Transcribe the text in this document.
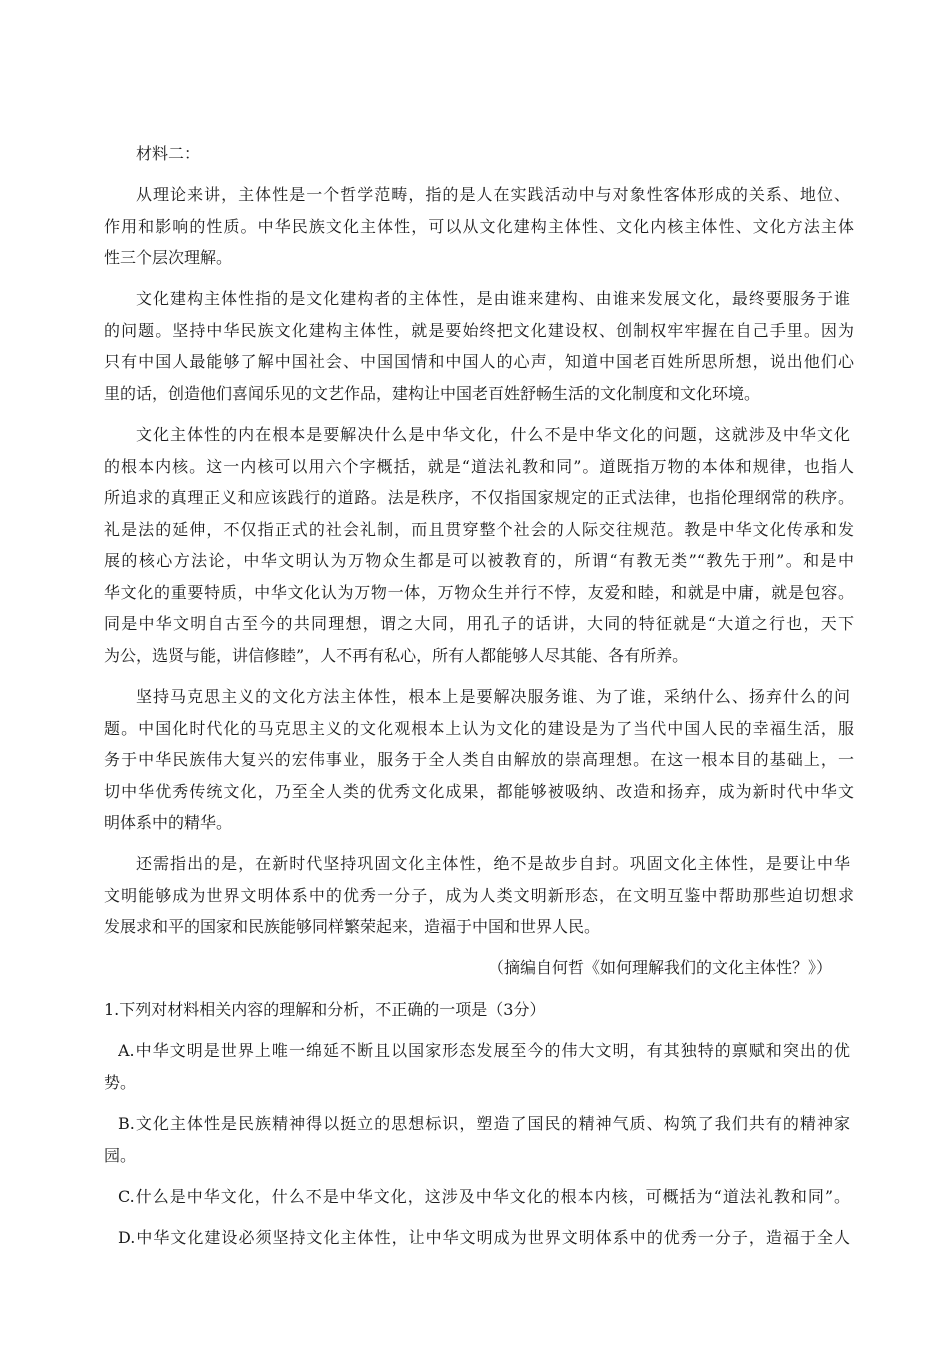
材料二：
从理论来讲，主体性是一个哲学范畴，指的是人在实践活动中与对象性客体形成的关系、地位、
作用和影响的性质。中华民族文化主体性，可以从文化建构主体性、文化内核主体性、文化方法主体
性三个层次理解。
文化建构主体性指的是文化建构者的主体性，是由谁来建构、由谁来发展文化，最终要服务于谁
的问题。坚持中华民族文化建构主体性，就是要始终把文化建设权、创制权牢牢握在自己手里。因为
只有中国人最能够了解中国社会、中国国情和中国人的心声，知道中国老百姓所思所想，说出他们心
里的话，创造他们喜闻乐见的文艺作品，建构让中国老百姓舒畅生活的文化制度和文化环境。
文化主体性的内在根本是要解决什么是中华文化，什么不是中华文化的问题，这就涉及中华文化
的根本内核。这一内核可以用六个字概括，就是“道法礼教和同”。道既指万物的本体和规律，也指人
所追求的真理正义和应该践行的道路。法是秩序，不仅指国家规定的正式法律，也指伦理纲常的秩序。
礼是法的延伸，不仅指正式的社会礼制，而且贯穿整个社会的人际交往规范。教是中华文化传承和发
展的核心方法论，中华文明认为万物众生都是可以被教育的，所谓“有教无类”“教先于刑”。和是中
华文化的重要特质，中华文化认为万物一体，万物众生并行不悖，友爱和睦，和就是中庸，就是包容。
同是中华文明自古至今的共同理想，谓之大同，用孔子的话讲，大同的特征就是“大道之行也，天下
为公，选贤与能，讲信修睦”，人不再有私心，所有人都能够人尽其能、各有所养。
坚持马克思主义的文化方法主体性，根本上是要解决服务谁、为了谁，采纳什么、扬弃什么的问
题。中国化时代化的马克思主义的文化观根本上认为文化的建设是为了当代中国人民的幸福生活，服
务于中华民族伟大复兴的宏伟事业，服务于全人类自由解放的崇高理想。在这一根本目的基础上，一
切中华优秀传统文化，乃至全人类的优秀文化成果，都能够被吸纳、改造和扬弃，成为新时代中华文
明体系中的精华。
还需指出的是，在新时代坚持巩固文化主体性，绝不是故步自封。巩固文化主体性，是要让中华
文明能够成为世界文明体系中的优秀一分子，成为人类文明新形态，在文明互鉴中帮助那些迫切想求
发展求和平的国家和民族能够同样繁荣起来，造福于中国和世界人民。
（摘编自何哲《如何理解我们的文化主体性？》）
1.下列对材料相关内容的理解和分析，不正确的一项是（3分）
A.中华文明是世界上唯一绵延不断且以国家形态发展至今的伟大文明，有其独特的禀赋和突出的优
势。
B.文化主体性是民族精神得以挺立的思想标识，塑造了国民的精神气质、构筑了我们共有的精神家
园。
C.什么是中华文化，什么不是中华文化，这涉及中华文化的根本内核，可概括为“道法礼教和同”。
D.中华文化建设必须坚持文化主体性，让中华文明成为世界文明体系中的优秀一分子，造福于全人
